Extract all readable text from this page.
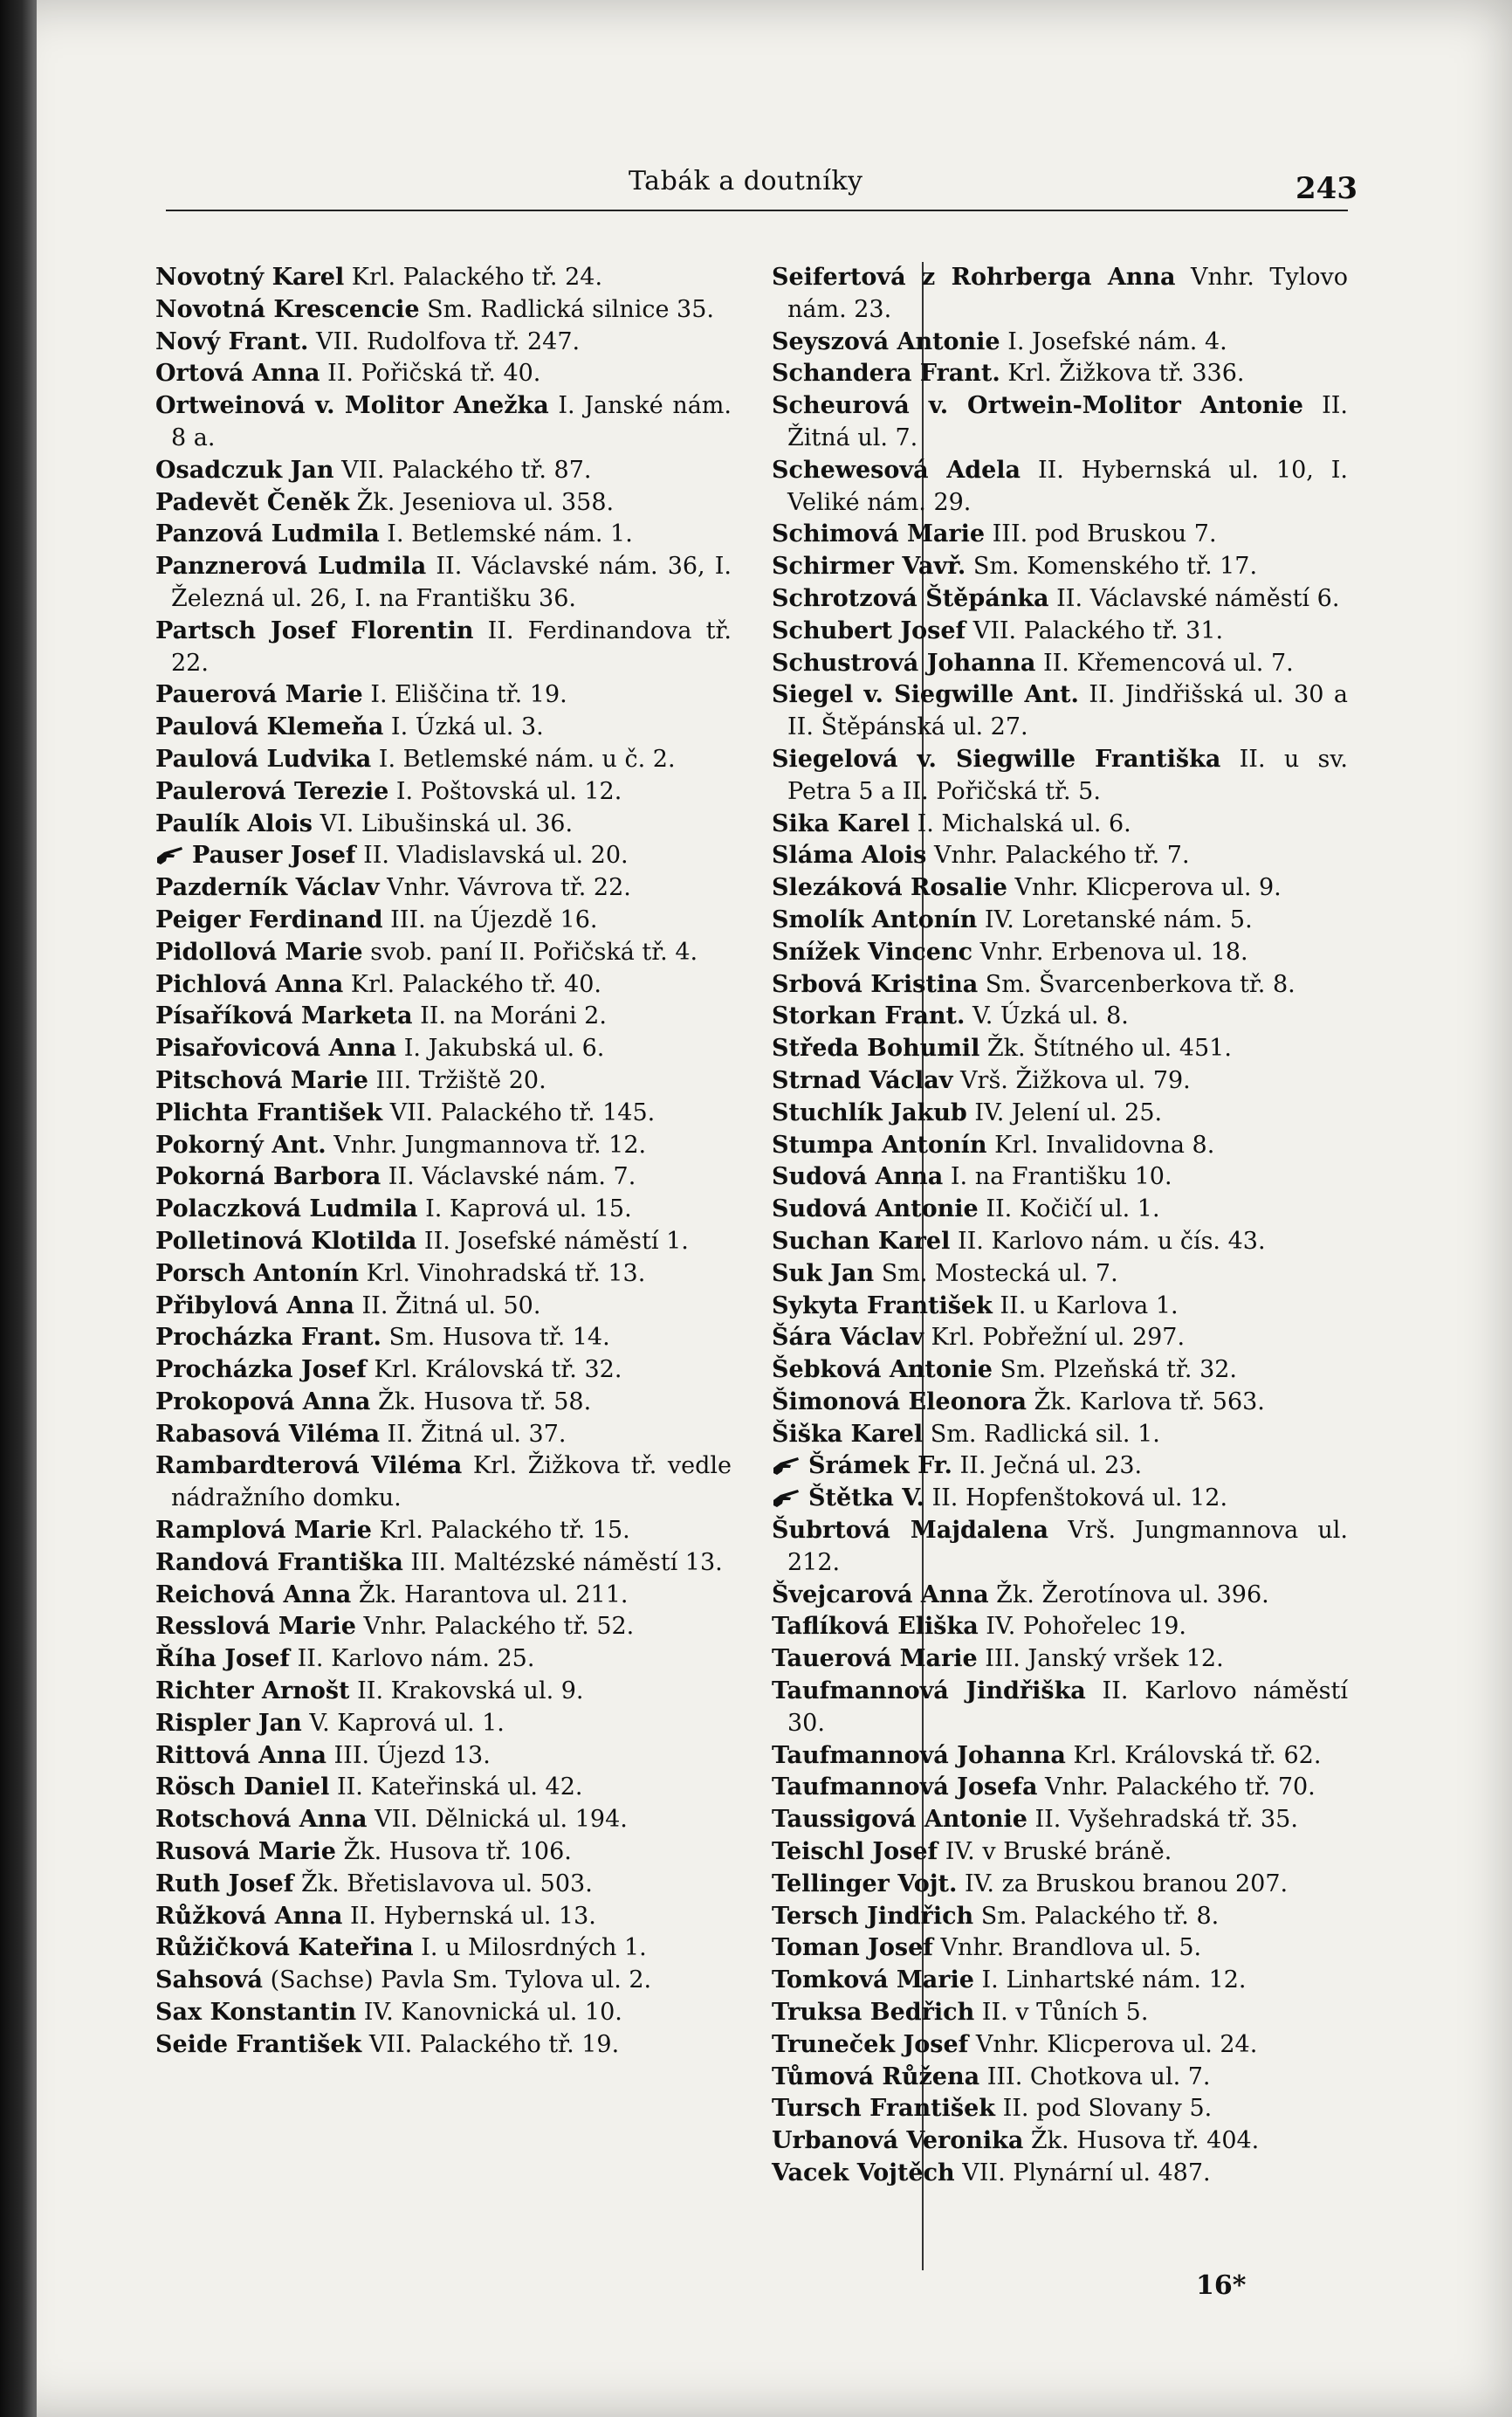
Tabák a doutníky	243

Novotný Karel Krl. Palackého tř. 24.

Novotná Krescencie Sm. Radlická silnice 35.

Nový Frant. VII. Rudolfova tř. 247.

Ortová Anna II. Pořičská tř. 40.

Ortweinová v. Molitor Anežka I. Janské nám. 8 a.

Osadczuk Jan VII. Palackého tř. 87.

Padevět Čeněk Žk. Jeseniova ul. 358.

Panzová Ludmila I. Betlemské nám. 1.

Panznerová Ludmila II. Václavské nám. 36, I. Železná ul. 26, I. na Františku 36.

Partsch Josef Florentin II. Ferdinandova tř. 22.

Pauerová Marie I. Eliščina tř. 19.

Paulová Klemeňa I. Úzká ul. 3.

Paulová Ludvika I. Betlemské nám. u č. 2.

Paulerová Terezie I. Poštovská ul. 12.

Paulík Alois VI. Libušinská ul. 36.

Pauser Josef II. Vladislavská ul. 20.

Pazderník Václav Vnhr. Vávrova tř. 22.

Peiger Ferdinand III. na Újezdě 16.

Pidollová Marie svob. paní II. Pořičská tř. 4.

Pichlová Anna Krl. Palackého tř. 40.

Písaříková Marketa II. na Moráni 2.

Pisařovicová Anna I. Jakubská ul. 6.

Pitschová Marie III. Tržiště 20.

Plichta František VII. Palackého tř. 145.

Pokorný Ant. Vnhr. Jungmannova tř. 12.

Pokorná Barbora II. Václavské nám. 7.

Polaczková Ludmila I. Kaprová ul. 15.

Polletinová Klotilda II. Josefské náměstí 1.

Porsch Antonín Krl. Vinohradská tř. 13.

Přibylová Anna II. Žitná ul. 50.

Procházka Frant. Sm. Husova tř. 14.

Procházka Josef Krl. Královská tř. 32.

Prokopová Anna Žk. Husova tř. 58.

Rabasová Viléma II. Žitná ul. 37.

Rambardterová Viléma Krl. Žižkova tř. vedle nádražního domku.

Ramplová Marie Krl. Palackého tř. 15.

Randová Františka III. Maltézské náměstí 13.

Reichová Anna Žk. Harantova ul. 211.

Resslová Marie Vnhr. Palackého tř. 52.

Říha Josef II. Karlovo nám. 25.

Richter Arnošt II. Krakovská ul. 9.

Rispler Jan V. Kaprová ul. 1.

Rittová Anna III. Újezd 13.

Rösch Daniel II. Kateřinská ul. 42.

Rotschová Anna VII. Dělnická ul. 194.

Rusová Marie Žk. Husova tř. 106.

Ruth Josef Žk. Břetislavova ul. 503.

Růžková Anna II. Hybernská ul. 13.

Růžičková Kateřina I. u Milosrdných 1.

Sahsová (Sachse) Pavla Sm. Tylova ul. 2.

Sax Konstantin IV. Kanovnická ul. 10.

Seide František VII. Palackého tř. 19.

Seifertová z Rohrberga Anna Vnhr. Tylovo nám. 23.

Seyszová Antonie I. Josefské nám. 4.

Schandera Frant. Krl. Žižkova tř. 336.

Scheurová v. Ortwein-Molitor Antonie II. Žitná ul. 7.

Schewesová Adela II. Hybernská ul. 10, I. Veliké nám. 29.

Schimová Marie III. pod Bruskou 7.

Schirmer Vavř. Sm. Komenského tř. 17.

Schrotzová Štěpánka II. Václavské náměstí 6.

Schubert Josef VII. Palackého tř. 31.

Schustrová Johanna II. Křemencová ul. 7.

Siegel v. Siegwille Ant. II. Jindřišská ul. 30 a II. Štěpánská ul. 27.

Siegelová v. Siegwille Františka II. u sv. Petra 5 a II. Pořičská tř. 5.

Sika Karel I. Michalská ul. 6.

Sláma Alois Vnhr. Palackého tř. 7.

Slezáková Rosalie Vnhr. Klicperova ul. 9.

Smolík Antonín IV. Loretanské nám. 5.

Snížek Vincenc Vnhr. Erbenova ul. 18.

Srbová Kristina Sm. Švarcenberkova tř. 8.

Storkan Frant. V. Úzká ul. 8.

Středa Bohumil Žk. Štítného ul. 451.

Strnad Václav Vrš. Žižkova ul. 79.

Stuchlík Jakub IV. Jelení ul. 25.

Stumpa Antonín Krl. Invalidovna 8.

Sudová Anna I. na Františku 10.

Sudová Antonie II. Kočičí ul. 1.

Suchan Karel II. Karlovo nám. u čís. 43.

Suk Jan Sm. Mostecká ul. 7.

Sykyta František II. u Karlova 1.

Šára Václav Krl. Pobřežní ul. 297.

Šebková Antonie Sm. Plzeňská tř. 32.

Šimonová Eleonora Žk. Karlova tř. 563.

Šiška Karel Sm. Radlická sil. 1.

Šrámek Fr. II. Ječná ul. 23.

Štětka V. II. Hopfenštoková ul. 12.

Šubrtová Majdalena Vrš. Jungmannova ul. 212.

Švejcarová Anna Žk. Žerotínova ul. 396.

Taflíková Eliška IV. Pohořelec 19.

Tauerová Marie III. Janský vršek 12.

Taufmannová Jindřiška II. Karlovo náměstí 30.

Taufmannová Johanna Krl. Královská tř. 62.

Taufmannová Josefa Vnhr. Palackého tř. 70.

Taussigová Antonie II. Vyšehradská tř. 35.

Teischl Josef IV. v Bruské bráně.

Tellinger Vojt. IV. za Bruskou branou 207.

Tersch Jindřich Sm. Palackého tř. 8.

Toman Josef Vnhr. Brandlova ul. 5.

Tomková Marie I. Linhartské nám. 12.

Truksa Bedřich II. v Tůních 5.

Truneček Josef Vnhr. Klicperova ul. 24.

Tůmová Růžena III. Chotkova ul. 7.

Tursch František II. pod Slovany 5.

Urbanová Veronika Žk. Husova tř. 404.

Vacek Vojtěch VII. Plynární ul. 487.

16*
